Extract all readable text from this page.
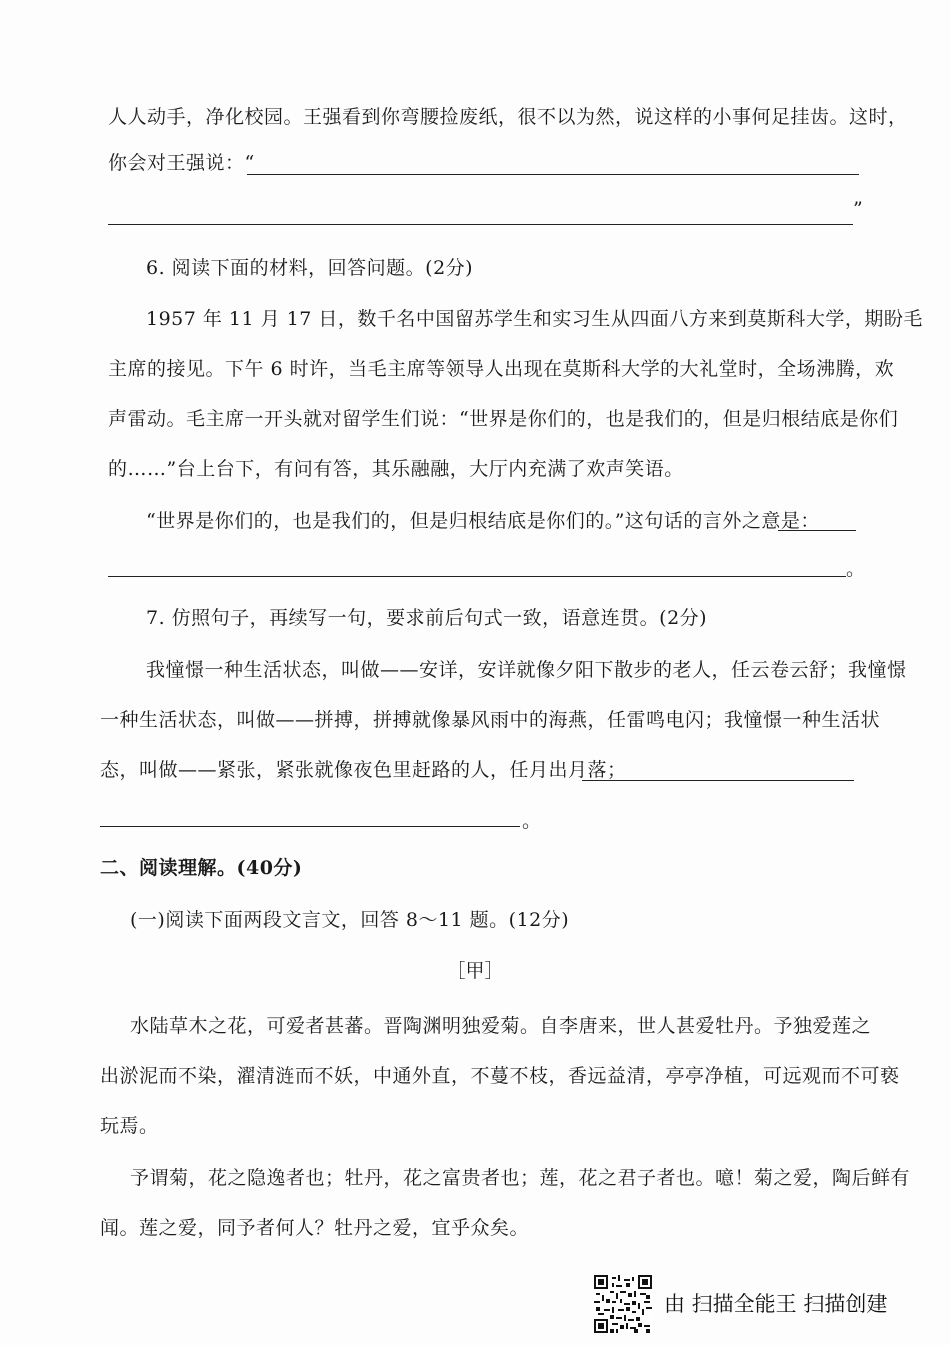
人人动手，净化校园。王强看到你弯腰捡废纸，很不以为然，说这样的小事何足挂齿。这时，
你会对王强说：“
”
6. 阅读下面的材料，回答问题。(2分)
1957 年 11 月 17 日，数千名中国留苏学生和实习生从四面八方来到莫斯科大学，期盼毛
主席的接见。下午 6 时许，当毛主席等领导人出现在莫斯科大学的大礼堂时，全场沸腾，欢
声雷动。毛主席一开头就对留学生们说：“世界是你们的，也是我们的，但是归根结底是你们
的……”台上台下，有问有答，其乐融融，大厅内充满了欢声笑语。
“世界是你们的，也是我们的，但是归根结底是你们的。”这句话的言外之意是：
。
7. 仿照句子，再续写一句，要求前后句式一致，语意连贯。(2分)
我憧憬一种生活状态，叫做——安详，安详就像夕阳下散步的老人，任云卷云舒；我憧憬
一种生活状态，叫做——拼搏，拼搏就像暴风雨中的海燕，任雷鸣电闪；我憧憬一种生活状
态，叫做——紧张，紧张就像夜色里赶路的人，任月出月落；
。
二、阅读理解。(40分)
(一)阅读下面两段文言文，回答 8～11 题。(12分)
［甲］
水陆草木之花，可爱者甚蕃。晋陶渊明独爱菊。自李唐来，世人甚爱牡丹。予独爱莲之
出淤泥而不染，濯清涟而不妖，中通外直，不蔓不枝，香远益清，亭亭净植，可远观而不可亵
玩焉。
予谓菊，花之隐逸者也；牡丹，花之富贵者也；莲，花之君子者也。噫！菊之爱，陶后鲜有
闻。莲之爱，同予者何人？牡丹之爱，宜乎众矣。
由 扫描全能王 扫描创建
